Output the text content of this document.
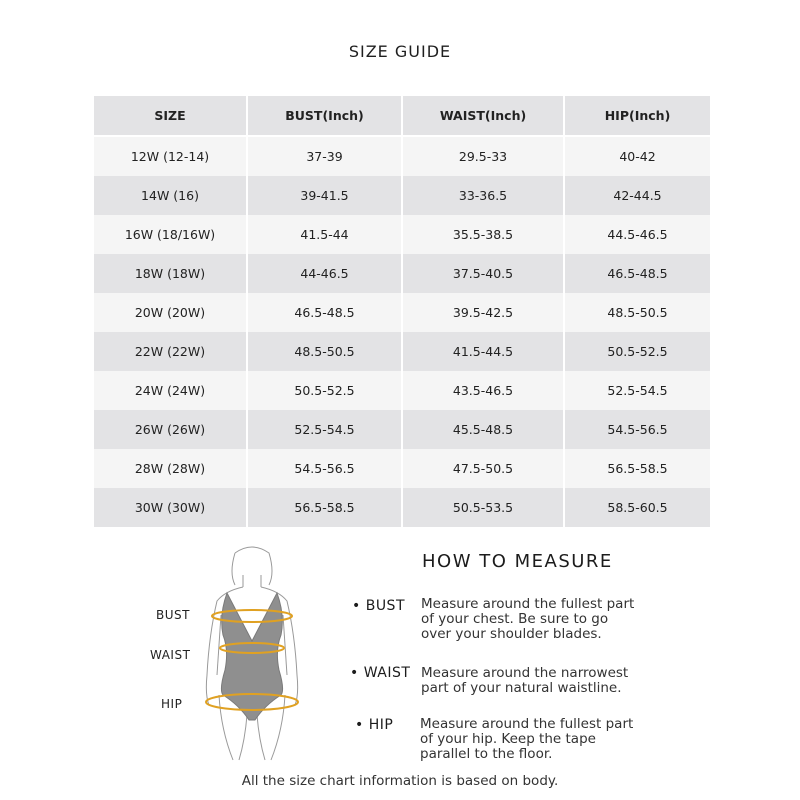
SIZE GUIDE
SIZE	BUST(Inch)	WAIST(Inch)	HIP(Inch)
12W (12-14)	37-39	29.5-33	40-42
14W (16)	39-41.5	33-36.5	42-44.5
16W (18/16W)	41.5-44	35.5-38.5	44.5-46.5
18W (18W)	44-46.5	37.5-40.5	46.5-48.5
20W (20W)	46.5-48.5	39.5-42.5	48.5-50.5
22W (22W)	48.5-50.5	41.5-44.5	50.5-52.5
24W (24W)	50.5-52.5	43.5-46.5	52.5-54.5
26W (26W)	52.5-54.5	45.5-48.5	54.5-56.5
28W (28W)	54.5-56.5	47.5-50.5	56.5-58.5
30W (30W)	56.5-58.5	50.5-53.5	58.5-60.5
BUST
WAIST
HIP
HOW TO MEASURE
• BUST Measure around the fullest part
of your chest. Be sure to go
over your shoulder blades.
• WAIST Measure around the narrowest
part of your natural waistline.
• HIP Measure around the fullest part
of your hip. Keep the tape
parallel to the floor.
All the size chart information is based on body.
